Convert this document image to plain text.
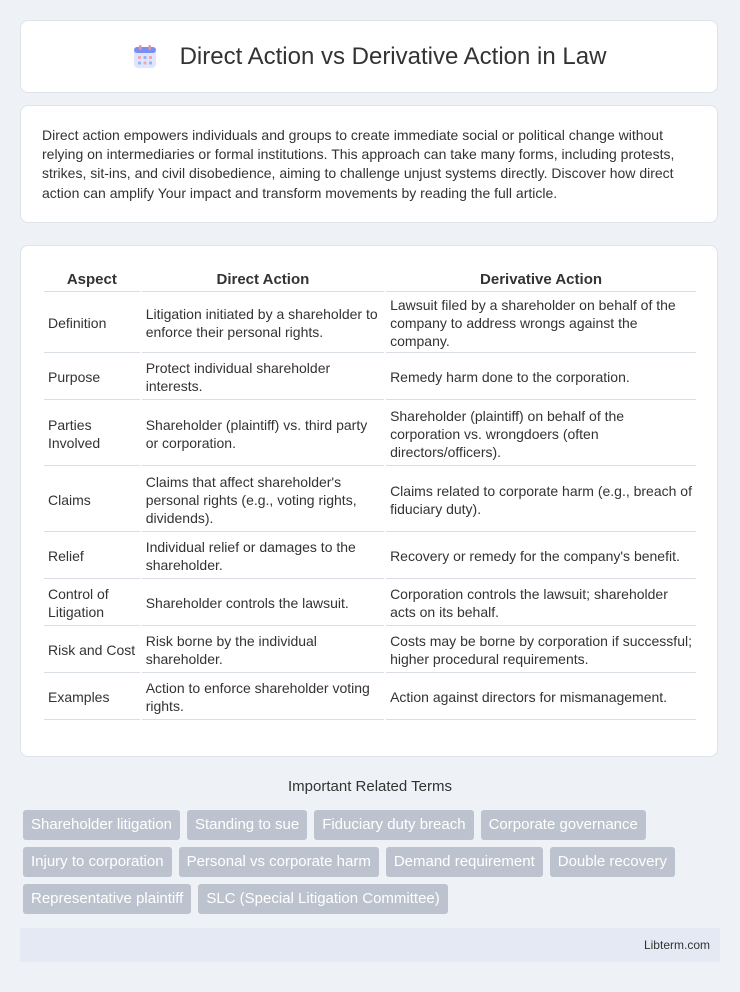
Direct Action vs Derivative Action in Law

Direct action empowers individuals and groups to create immediate social or political change without relying on intermediaries or formal institutions. This approach can take many forms, including protests, strikes, sit-ins, and civil disobedience, aiming to challenge unjust systems directly. Discover how direct action can amplify Your impact and transform movements by reading the full article.

Aspect	Direct Action	Derivative Action
Definition	Litigation initiated by a shareholder to enforce their personal rights.	Lawsuit filed by a shareholder on behalf of the company to address wrongs against the company.
Purpose	Protect individual shareholder interests.	Remedy harm done to the corporation.
Parties Involved	Shareholder (plaintiff) vs. third party or corporation.	Shareholder (plaintiff) on behalf of the corporation vs. wrongdoers (often directors/officers).
Claims	Claims that affect shareholder's personal rights (e.g., voting rights, dividends).	Claims related to corporate harm (e.g., breach of fiduciary duty).
Relief	Individual relief or damages to the shareholder.	Recovery or remedy for the company's benefit.
Control of Litigation	Shareholder controls the lawsuit.	Corporation controls the lawsuit; shareholder acts on its behalf.
Risk and Cost	Risk borne by the individual shareholder.	Costs may be borne by corporation if successful; higher procedural requirements.
Examples	Action to enforce shareholder voting rights.	Action against directors for mismanagement.
Important Related Terms
Shareholder litigation	Standing to sue	Fiduciary duty breach	Corporate governance
Injury to corporation	Personal vs corporate harm	Demand requirement	Double recovery
Representative plaintiff	SLC (Special Litigation Committee)
Libterm.com
